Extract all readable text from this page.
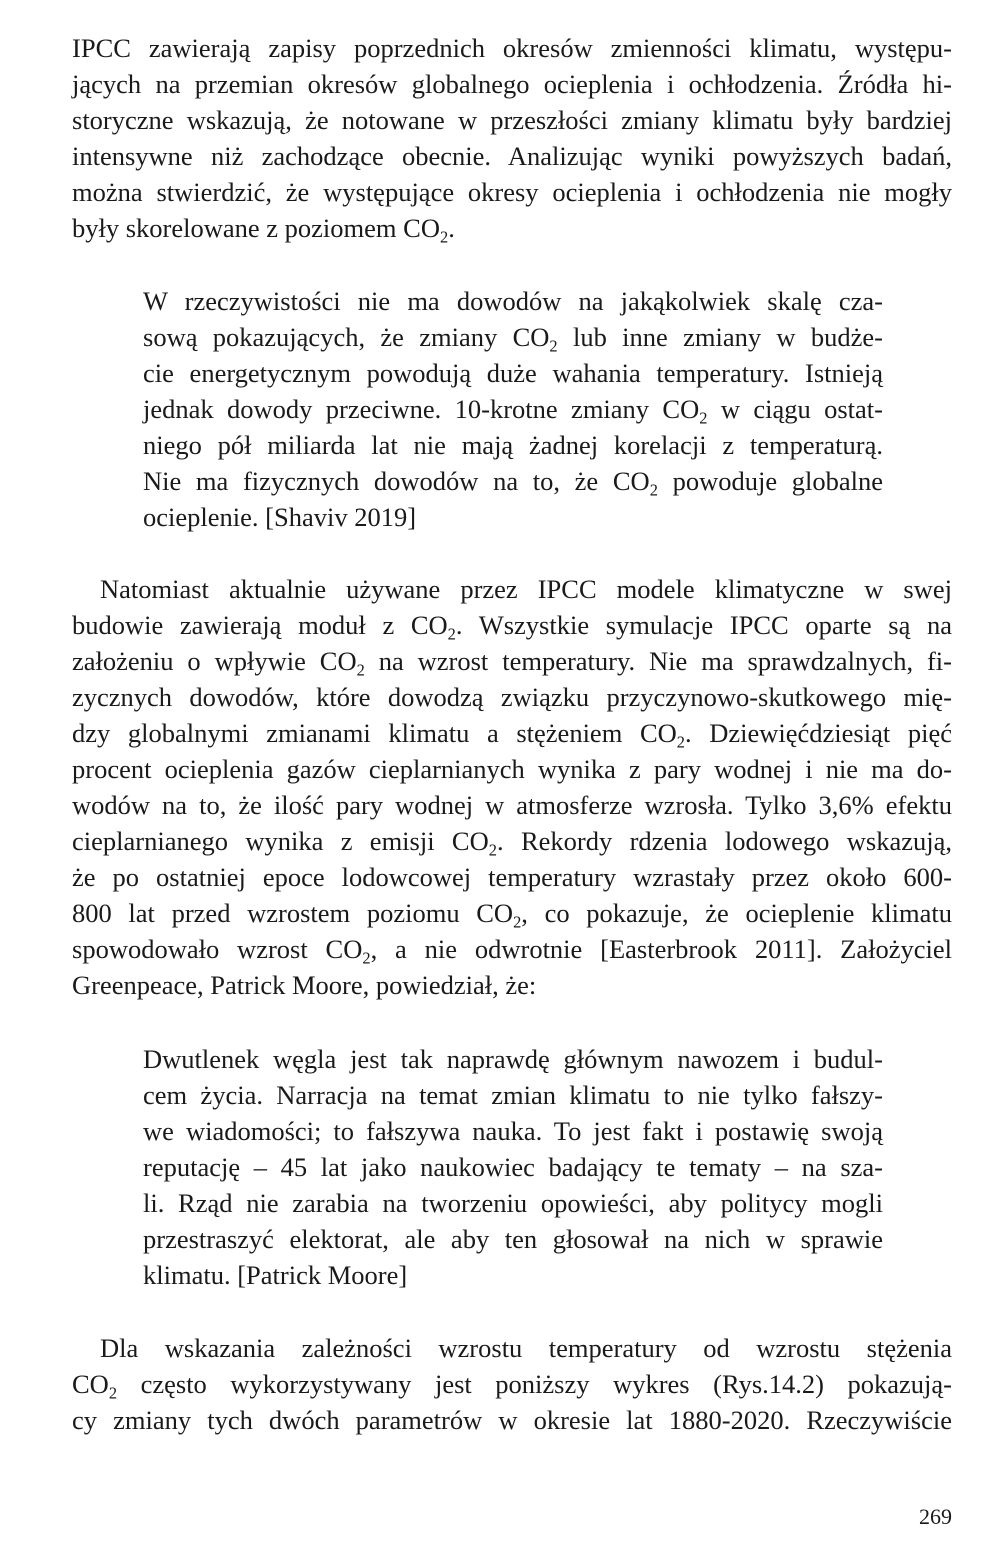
IPCC zawierają zapisy poprzednich okresów zmienności klimatu, występu-
jących na przemian okresów globalnego ocieplenia i ochłodzenia. Źródła hi-
storyczne wskazują, że notowane w przeszłości zmiany klimatu były bardziej
intensywne niż zachodzące obecnie. Analizując wyniki powyższych badań,
można stwierdzić, że występujące okresy ocieplenia i ochłodzenia nie mogły
były skorelowane z poziomem $CO_2$.
W rzeczywistości nie ma dowodów na jakąkolwiek skalę cza-
sową pokazujących, że zmiany $CO_2$ lub inne zmiany w budże-
cie energetycznym powodują duże wahania temperatury. Istnieją
jednak dowody przeciwne. 10-krotne zmiany $CO_2$ w ciągu ostat-
niego pół miliarda lat nie mają żadnej korelacji z temperaturą.
Nie ma fizycznych dowodów na to, że $CO_2$ powoduje globalne
ocieplenie. [Shaviv 2019]
Natomiast aktualnie używane przez IPCC modele klimatyczne w swej
budowie zawierają moduł z $CO_2$. Wszystkie symulacje IPCC oparte są na
założeniu o wpływie $CO_2$ na wzrost temperatury. Nie ma sprawdzalnych, fi-
zycznych dowodów, które dowodzą związku przyczynowo-skutkowego mię-
dzy globalnymi zmianami klimatu a stężeniem $CO_2$. Dziewięćdziesiąt pięć
procent ocieplenia gazów cieplarnianych wynika z pary wodnej i nie ma do-
wodów na to, że ilość pary wodnej w atmosferze wzrosła. Tylko 3,6% efektu
cieplarnianego wynika z emisji $CO_2$. Rekordy rdzenia lodowego wskazują,
że po ostatniej epoce lodowcowej temperatury wzrastały przez około 600-
800 lat przed wzrostem poziomu $CO_2$, co pokazuje, że ocieplenie klimatu
spowodowało wzrost $CO_2$, a nie odwrotnie [Easterbrook 2011]. Założyciel
Greenpeace, Patrick Moore, powiedział, że:
Dwutlenek węgla jest tak naprawdę głównym nawozem i budul-
cem życia. Narracja na temat zmian klimatu to nie tylko fałszy-
we wiadomości; to fałszywa nauka. To jest fakt i postawię swoją
reputację – 45 lat jako naukowiec badający te tematy – na sza-
li. Rząd nie zarabia na tworzeniu opowieści, aby politycy mogli
przestraszyć elektorat, ale aby ten głosował na nich w sprawie
klimatu. [Patrick Moore]
Dla wskazania zależności wzrostu temperatury od wzrostu stężenia
$CO_2$ często wykorzystywany jest poniższy wykres (Rys.14.2) pokazują-
cy zmiany tych dwóch parametrów w okresie lat 1880-2020. Rzeczywiście
269
